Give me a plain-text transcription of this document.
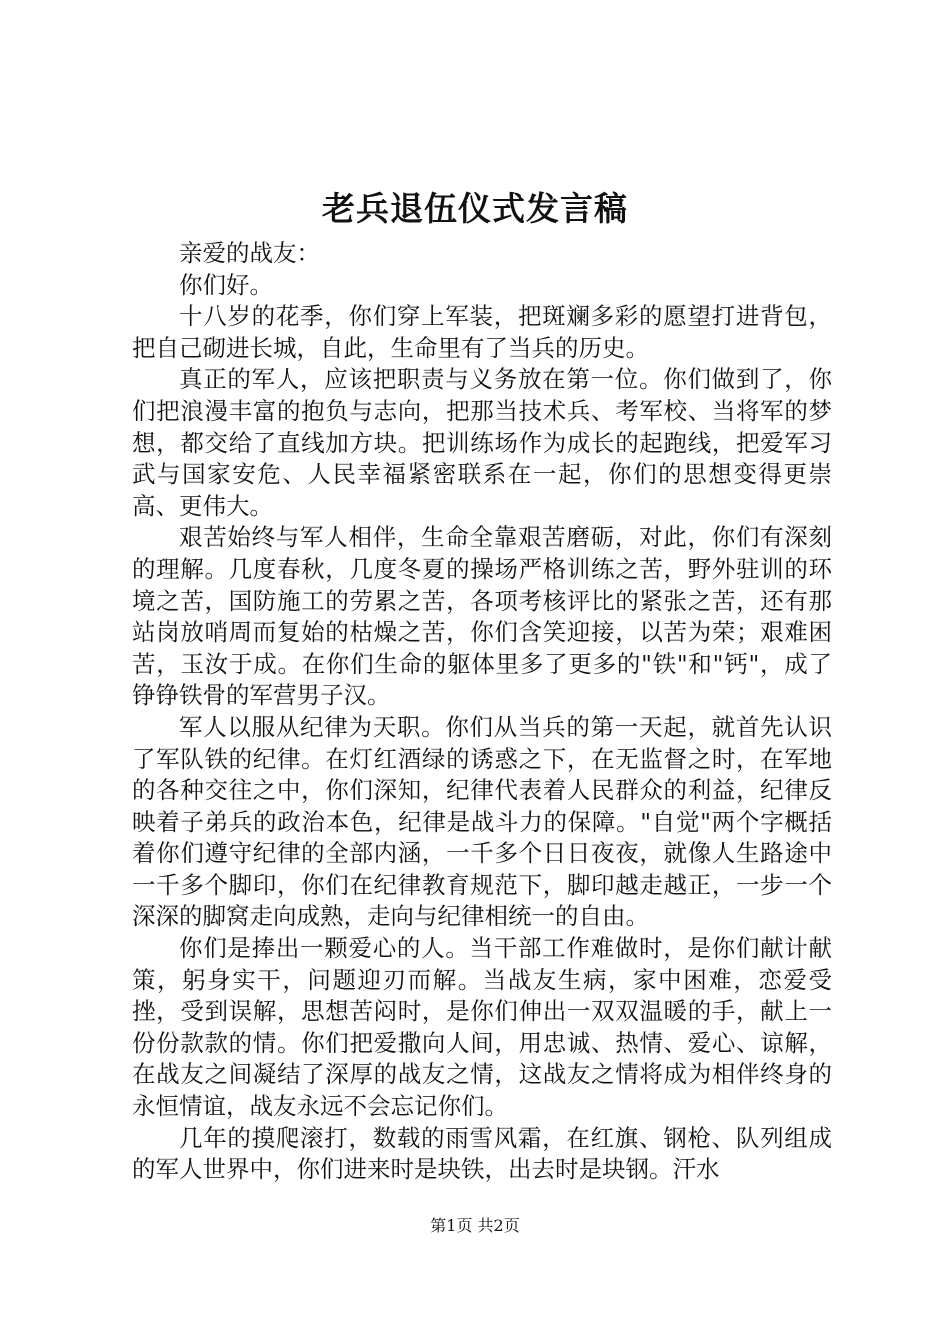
老兵退伍仪式发言稿

亲爱的战友：

你们好。

十八岁的花季，你们穿上军装，把斑斓多彩的愿望打进背包，把自己砌进长城，自此，生命里有了当兵的历史。

真正的军人，应该把职责与义务放在第一位。你们做到了，你们把浪漫丰富的抱负与志向，把那当技术兵、考军校、当将军的梦想，都交给了直线加方块。把训练场作为成长的起跑线，把爱军习武与国家安危、人民幸福紧密联系在一起，你们的思想变得更崇高、更伟大。

艰苦始终与军人相伴，生命全靠艰苦磨砺，对此，你们有深刻的理解。几度春秋，几度冬夏的操场严格训练之苦，野外驻训的环境之苦，国防施工的劳累之苦，各项考核评比的紧张之苦，还有那站岗放哨周而复始的枯燥之苦，你们含笑迎接，以苦为荣；艰难困苦，玉汝于成。在你们生命的躯体里多了更多的"铁"和"钙"，成了铮铮铁骨的军营男子汉。

军人以服从纪律为天职。你们从当兵的第一天起，就首先认识了军队铁的纪律。在灯红酒绿的诱惑之下，在无监督之时，在军地的各种交往之中，你们深知，纪律代表着人民群众的利益，纪律反映着子弟兵的政治本色，纪律是战斗力的保障。"自觉"两个字概括着你们遵守纪律的全部内涵，一千多个日日夜夜，就像人生路途中一千多个脚印，你们在纪律教育规范下，脚印越走越正，一步一个深深的脚窝走向成熟，走向与纪律相统一的自由。

你们是捧出一颗爱心的人。当干部工作难做时，是你们献计献策，躬身实干，问题迎刃而解。当战友生病，家中困难，恋爱受挫，受到误解，思想苦闷时，是你们伸出一双双温暖的手，献上一份份款款的情。你们把爱撒向人间，用忠诚、热情、爱心、谅解，在战友之间凝结了深厚的战友之情，这战友之情将成为相伴终身的永恒情谊，战友永远不会忘记你们。

几年的摸爬滚打，数载的雨雪风霜，在红旗、钢枪、队列组成的军人世界中，你们进来时是块铁，出去时是块钢。汗水

第1页 共2页
